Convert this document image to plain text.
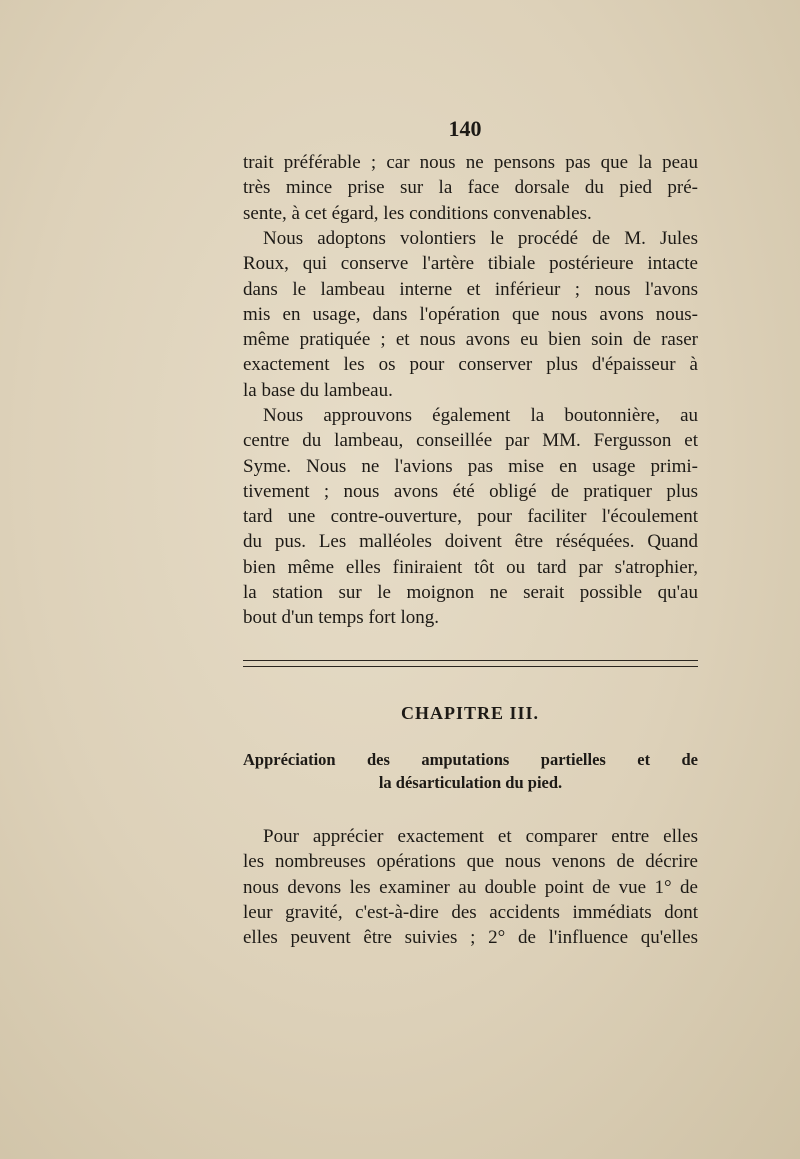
140
trait préférable ; car nous ne pensons pas que la peau
très mince prise sur la face dorsale du pied pré-
sente, à cet égard, les conditions convenables.
Nous adoptons volontiers le procédé de M. Jules
Roux, qui conserve l'artère tibiale postérieure intacte
dans le lambeau interne et inférieur ; nous l'avons
mis en usage, dans l'opération que nous avons nous-
même pratiquée ; et nous avons eu bien soin de raser
exactement les os pour conserver plus d'épaisseur à
la base du lambeau.
Nous approuvons également la boutonnière, au
centre du lambeau, conseillée par MM. Fergusson et
Syme. Nous ne l'avions pas mise en usage primi-
tivement ; nous avons été obligé de pratiquer plus
tard une contre-ouverture, pour faciliter l'écoulement
du pus. Les malléoles doivent être réséquées. Quand
bien même elles finiraient tôt ou tard par s'atrophier,
la station sur le moignon ne serait possible qu'au
bout d'un temps fort long.
CHAPITRE III.
Appréciation des amputations partielles et de
la désarticulation du pied.
Pour apprécier exactement et comparer entre elles
les nombreuses opérations que nous venons de décrire
nous devons les examiner au double point de vue 1° de
leur gravité, c'est-à-dire des accidents immédiats dont
elles peuvent être suivies ; 2° de l'influence qu'elles
